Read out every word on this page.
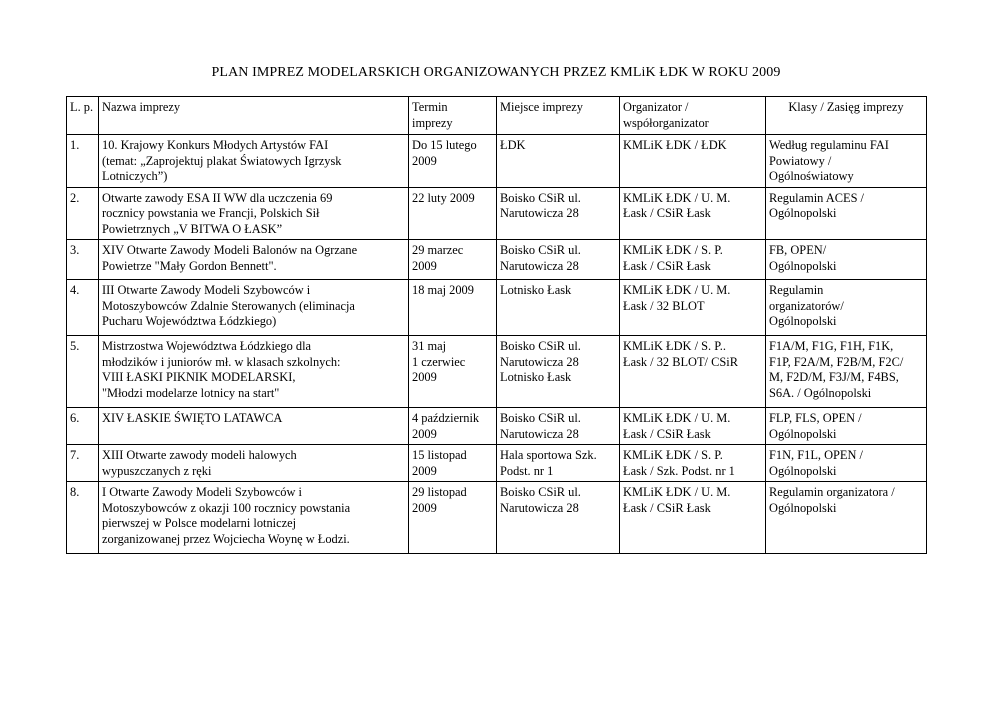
PLAN IMPREZ MODELARSKICH ORGANIZOWANYCH PRZEZ KMLiK ŁDK W ROKU 2009
L. p.	Nazwa imprezy	Termin
imprezy	Miejsce imprezy	Organizator /
współorganizator	Klasy / Zasięg imprezy
1.	10. Krajowy Konkurs Młodych Artystów FAI
(temat: „Zaprojektuj plakat Światowych Igrzysk
Lotniczych”)	Do 15 lutego
2009	ŁDK	KMLiK ŁDK / ŁDK	Według regulaminu FAI
Powiatowy /
Ogólnoświatowy
2.	Otwarte zawody ESA II WW dla uczczenia 69
rocznicy powstania we Francji, Polskich Sił
Powietrznych „V BITWA O ŁASK”	22 luty 2009	Boisko CSiR ul.
Narutowicza 28	KMLiK ŁDK / U. M.
Łask / CSiR Łask	Regulamin ACES /
Ogólnopolski
3.	XIV Otwarte Zawody Modeli Balonów na Ogrzane
Powietrze "Mały Gordon Bennett".	29 marzec
2009	Boisko CSiR ul.
Narutowicza 28	KMLiK ŁDK / S. P.
Łask / CSiR Łask	FB, OPEN/
Ogólnopolski
4.	III Otwarte Zawody Modeli Szybowców i
Motoszybowców Zdalnie Sterowanych (eliminacja
Pucharu Województwa Łódzkiego)	18 maj 2009	Lotnisko Łask	KMLiK ŁDK / U. M.
Łask / 32 BLOT	Regulamin
organizatorów/
Ogólnopolski
5.	Mistrzostwa Województwa Łódzkiego dla
młodzików i juniorów mł. w klasach szkolnych:
VIII ŁASKI PIKNIK MODELARSKI,
"Młodzi modelarze lotnicy na start"	31 maj
1 czerwiec
2009	Boisko CSiR ul.
Narutowicza 28
Lotnisko Łask	KMLiK ŁDK / S. P..
Łask / 32 BLOT/ CSiR	F1A/M, F1G, F1H, F1K,
F1P, F2A/M, F2B/M, F2C/
M, F2D/M, F3J/M, F4BS,
S6A. / Ogólnopolski
6.	XIV ŁASKIE ŚWIĘTO LATAWCA	4 październik
2009	Boisko CSiR ul.
Narutowicza 28	KMLiK ŁDK / U. M.
Łask / CSiR Łask	FLP, FLS, OPEN /
Ogólnopolski
7.	XIII Otwarte zawody modeli halowych
wypuszczanych z ręki	15 listopad
2009	Hala sportowa Szk.
Podst. nr 1	KMLiK ŁDK / S. P.
Łask / Szk. Podst. nr 1	F1N, F1L, OPEN /
Ogólnopolski
8.	I Otwarte Zawody Modeli Szybowców i
Motoszybowców z okazji 100 rocznicy powstania
pierwszej w Polsce modelarni lotniczej
zorganizowanej przez Wojciecha Woynę w Łodzi.	29 listopad
2009	Boisko CSiR ul.
Narutowicza 28	KMLiK ŁDK / U. M.
Łask / CSiR Łask	Regulamin organizatora /
Ogólnopolski
